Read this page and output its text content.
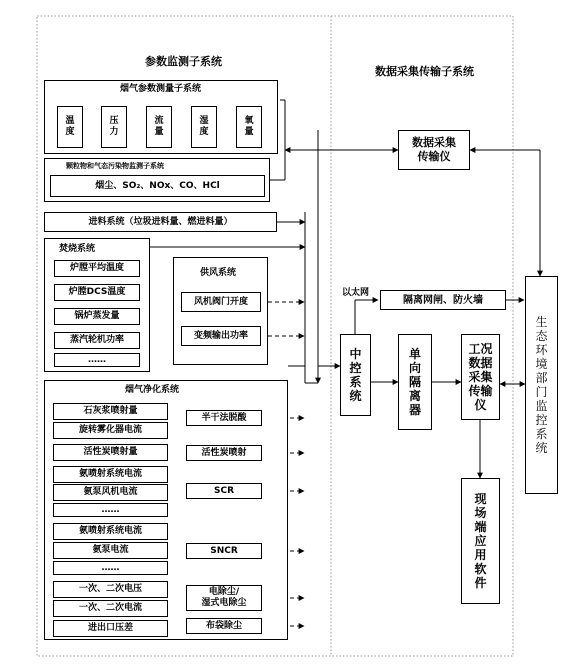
参数监测子系统
数据采集传输子系统
烟气参数测量子系统
温度
压力
流量
湿度
氧量
颗粒物和气态污染物监测子系统
烟尘、SO₂、NOx、CO、HCl
数据采集传输仪
进料系统（垃圾进料量、燃进料量）
焚烧系统
炉膛平均温度
炉膛DCS温度
锅炉蒸发量
蒸汽轮机功率
……
供风系统
风机阀门开度
变频输出功率
烟气净化系统
石灰浆喷射量
旋转雾化器电流
活性炭喷射量
氨喷射系统电流
氨泵风机电流
……
氨喷射系统电流
氨泵电流
……
一次、二次电压
一次、二次电流
进出口压差
半干法脱酸
活性炭喷射
SCR
SNCR
电除尘/
湿式电除尘
布袋除尘
以太网
隔离网闸、防火墙
中控系统
单向隔离器
工况数据采集传输仪
现场端应用软件
生态环境部门监控系统
